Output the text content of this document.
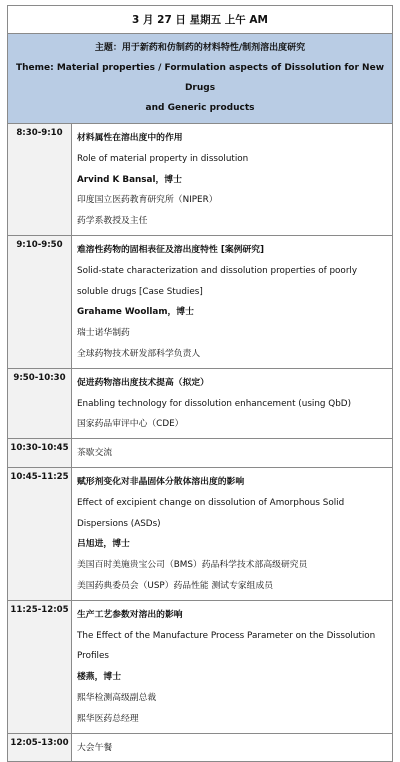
3 月 27 日 星期五 上午 AM
主题：用于新药和仿制药的材料特性/制剂溶出度研究
Theme: Material properties / Formulation aspects of Dissolution for New Drugs
and Generic products
8:30-9:10	材料属性在溶出度中的作用
Role of material property in dissolution
Arvind K Bansal，博士
印度国立医药教育研究所（NIPER）
药学系教授及主任
9:10-9:50	难溶性药物的固相表征及溶出度特性 [案例研究]
Solid-state characterization and dissolution properties of poorly
soluble drugs [Case Studies]
Grahame Woollam，博士
瑞士诺华制药
全球药物技术研发部科学负责人
9:50-10:30	促进药物溶出度技术提高（拟定）
Enabling technology for dissolution enhancement (using QbD)
国家药品审评中心（CDE）
10:30-10:45 茶歇交流
10:45-11:25 赋形剂变化对非晶固体分散体溶出度的影响
Effect of excipient change on dissolution of Amorphous Solid
Dispersions (ASDs)
吕旭进，博士
美国百时美施贵宝公司（BMS）药品科学技术部高级研究员
美国药典委员会（USP）药品性能 测试专家组成员
11:25-12:05 生产工艺参数对溶出的影响
The Effect of the Manufacture Process Parameter on the Dissolution
Profiles
楼燕，博士
熙华检测高级副总裁
熙华医药总经理
12:05-13:00 大会午餐
